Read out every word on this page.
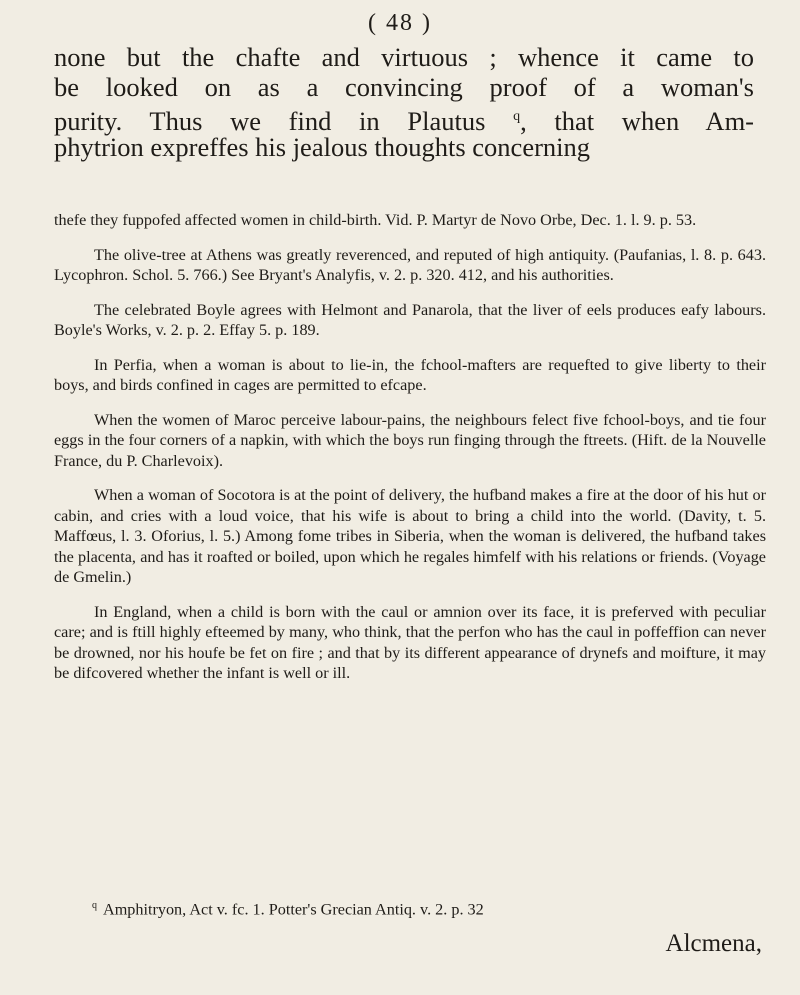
( 48 )
none but the chafte and virtuous ; whence it came to
be looked on as a convincing proof of a woman's
purity. Thus we find in Plautus $^q$, that when Am-
phytrion expreffes his jealous thoughts concerning

thefe they fuppofed affected women in child-birth. Vid. P. Martyr de Novo Orbe, Dec. 1. l. 9. p. 53.

The olive-tree at Athens was greatly reverenced, and reputed of high antiquity. (Paufanias, l. 8. p. 643. Lycophron. Schol. 5. 766.) See Bryant's Analyfis, v. 2. p. 320. 412, and his authorities.

The celebrated Boyle agrees with Helmont and Panarola, that the liver of eels produces eafy labours. Boyle's Works, v. 2. p. 2. Effay 5. p. 189.

In Perfia, when a woman is about to lie-in, the fchool-mafters are requefted to give liberty to their boys, and birds confined in cages are permitted to efcape.

When the women of Maroc perceive labour-pains, the neighbours felect five fchool-boys, and tie four eggs in the four corners of a napkin, with which the boys run finging through the ftreets. (Hift. de la Nouvelle France, du P. Charlevoix).

When a woman of Socotora is at the point of delivery, the hufband makes a fire at the door of his hut or cabin, and cries with a loud voice, that his wife is about to bring a child into the world. (Davity, t. 5. Maffœus, l. 3. Oforius, l. 5.) Among fome tribes in Siberia, when the woman is delivered, the hufband takes the placenta, and has it roafted or boiled, upon which he regales himfelf with his relations or friends. (Voyage de Gmelin.)

In England, when a child is born with the caul or amnion over its face, it is preferved with peculiar care; and is ftill highly efteemed by many, who think, that the perfon who has the caul in poffeffion can never be drowned, nor his houfe be fet on fire ; and that by its different appearance of drynefs and moifture, it may be difcovered whether the infant is well or ill.

$^q$ Amphitryon, Act v. fc. 1. Potter's Grecian Antiq. v. 2. p. 32
Alcmena,
